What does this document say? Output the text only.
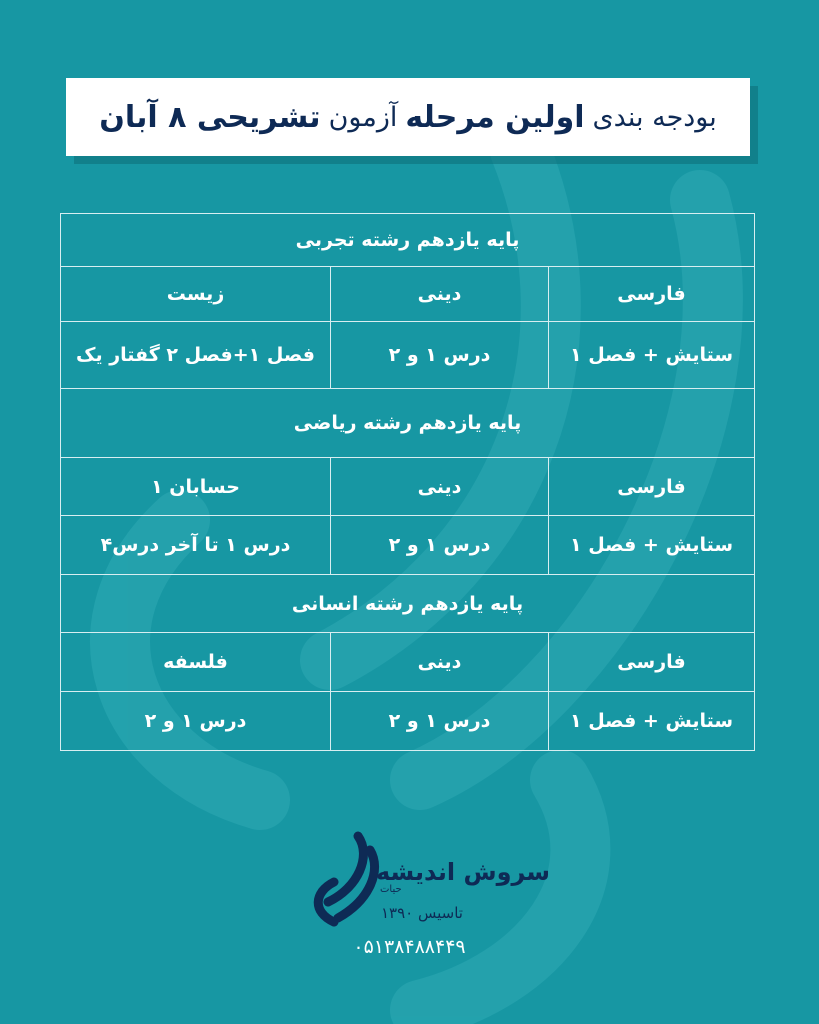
بودجه بندی
اولین مرحله
آزمون
تشریحی ۸ آبان
پایه یازدهم رشته تجربی		
فارسی	دینی	زیست
ستایش + فصل ۱	درس ۱ و ۲	فصل ۱+فصل ۲ گفتار یک
پایه یازدهم رشته ریاضی		
فارسی	دینی	حسابان ۱
ستایش + فصل ۱	درس ۱ و ۲	درس ۱ تا آخر درس۴
پایه یازدهم رشته انسانی		
فارسی	دینی	فلسفه
ستایش + فصل ۱	درس ۱ و ۲	درس ۱ و ۲
سروش اندیشه
حیات
تاسیس ۱۳۹۰
۰۵۱۳۸۴۸۸۴۴۹
